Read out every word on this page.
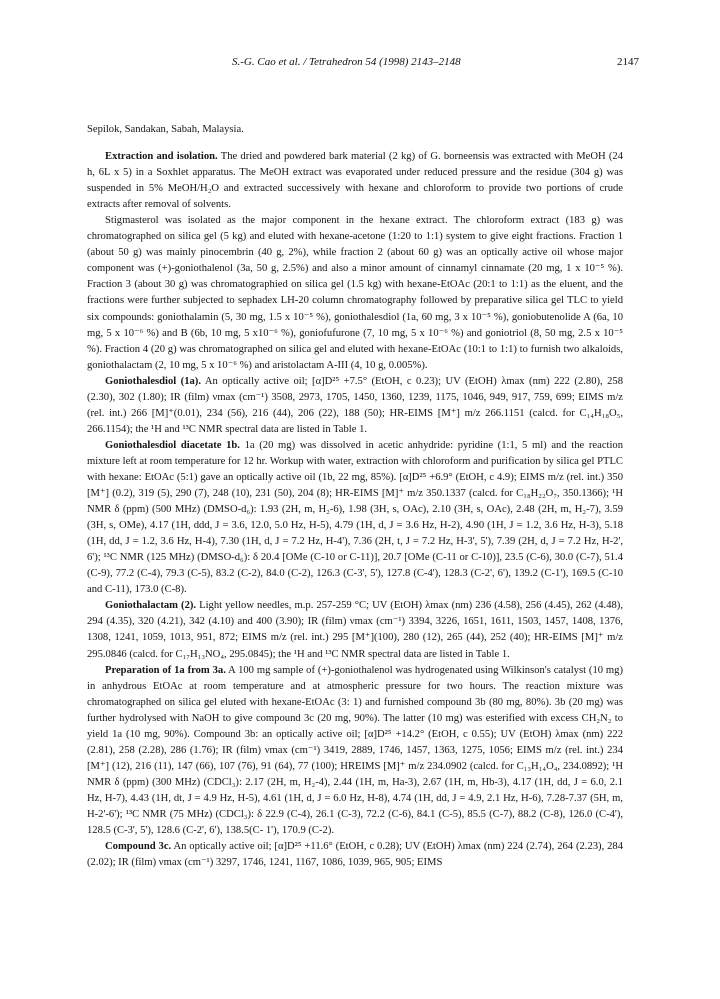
S.-G. Cao et al. / Tetrahedron 54 (1998) 2143–2148	2147

Sepilok, Sandakan, Sabah, Malaysia.

Extraction and isolation. The dried and powdered bark material (2 kg) of G. borneensis was extracted with MeOH (24 h, 6L x 5) in a Soxhlet apparatus. The MeOH extract was evaporated under reduced pressure and the residue (304 g) was suspended in 5% MeOH/H₂O and extracted successively with hexane and chloroform to provide two portions of crude extracts after removal of solvents.

Stigmasterol was isolated as the major component in the hexane extract. The chloroform extract (183 g) was chromatographed on silica gel (5 kg) and eluted with hexane-acetone (1:20 to 1:1) system to give eight fractions. Fraction 1 (about 50 g) was mainly pinocembrin (40 g, 2%), while fraction 2 (about 60 g) was an optically active oil whose major component was (+)-goniothalenol (3a, 50 g, 2.5%) and also a minor amount of cinnamyl cinnamate (20 mg, 1 x 10⁻⁵ %). Fraction 3 (about 30 g) was chromatographied on silica gel (1.5 kg) with hexane-EtOAc (20:1 to 1:1) as the eluent, and the fractions were further subjected to sephadex LH-20 column chromatography followed by preparative silica gel TLC to yield six compounds: goniothalamin (5, 30 mg, 1.5 x 10⁻⁵ %), goniothalesdiol (1a, 60 mg, 3 x 10⁻⁵ %), goniobutenolide A (6a, 10 mg, 5 x 10⁻⁶ %) and B (6b, 10 mg, 5 x10⁻⁶ %), goniofufurone (7, 10 mg, 5 x 10⁻⁶ %) and goniotriol (8, 50 mg, 2.5 x 10⁻⁵ %). Fraction 4 (20 g) was chromatographed on silica gel and eluted with hexane-EtOAc (10:1 to 1:1) to furnish two alkaloids, goniothalactam (2, 10 mg, 5 x 10⁻⁶ %) and aristolactam A-III (4, 10 g, 0.005%).

Goniothalesdiol (1a). An optically active oil; [α]D²⁵ +7.5° (EtOH, c 0.23); UV (EtOH) λmax (nm) 222 (2.80), 258 (2.30), 302 (1.80); IR (film) νmax (cm⁻¹) 3508, 2973, 1705, 1450, 1360, 1239, 1175, 1046, 949, 917, 759, 699; EIMS m/z (rel. int.) 266 [M]⁺(0.01), 234 (56), 216 (44), 206 (22), 188 (50); HR-EIMS [M⁺] m/z 266.1151 (calcd. for C₁₄H₁₈O₅, 266.1154); the ¹H and ¹³C NMR spectral data are listed in Table 1.

Goniothalesdiol diacetate 1b. 1a (20 mg) was dissolved in acetic anhydride: pyridine (1:1, 5 ml) and the reaction mixture left at room temperature for 12 hr. Workup with water, extraction with chloroform and purification by silica gel PTLC with hexane: EtOAc (5:1) gave an optically active oil (1b, 22 mg, 85%). [α]D²⁵ +6.9° (EtOH, c 4.9); EIMS m/z (rel. int.) 350 [M⁺] (0.2), 319 (5), 290 (7), 248 (10), 231 (50), 204 (8); HR-EIMS [M]⁺ m/z 350.1337 (calcd. for C₁₈H₂₂O₇, 350.1366); ¹H NMR δ (ppm) (500 MHz) (DMSO-d₆): 1.93 (2H, m, H₂-6), 1.98 (3H, s, OAc), 2.10 (3H, s, OAc), 2.48 (2H, m, H₂-7), 3.59 (3H, s, OMe), 4.17 (1H, ddd, J = 3.6, 12.0, 5.0 Hz, H-5), 4.79 (1H, d, J = 3.6 Hz, H-2), 4.90 (1H, J = 1.2, 3.6 Hz, H-3), 5.18 (1H, dd, J = 1.2, 3.6 Hz, H-4), 7.30 (1H, d, J = 7.2 Hz, H-4'), 7.36 (2H, t, J = 7.2 Hz, H-3', 5'), 7.39 (2H, d, J = 7.2 Hz, H-2', 6'); ¹³C NMR (125 MHz) (DMSO-d₆): δ 20.4 [OMe (C-10 or C-11)], 20.7 [OMe (C-11 or C-10)], 23.5 (C-6), 30.0 (C-7), 51.4 (C-9), 77.2 (C-4), 79.3 (C-5), 83.2 (C-2), 84.0 (C-2), 126.3 (C-3', 5'), 127.8 (C-4'), 128.3 (C-2', 6'), 139.2 (C-1'), 169.5 (C-10 and C-11), 173.0 (C-8).

Goniothalactam (2). Light yellow needles, m.p. 257-259 °C; UV (EtOH) λmax (nm) 236 (4.58), 256 (4.45), 262 (4.48), 294 (4.35), 320 (4.21), 342 (4.10) and 400 (3.90); IR (film) νmax (cm⁻¹) 3394, 3226, 1651, 1611, 1503, 1457, 1408, 1376, 1308, 1241, 1059, 1013, 951, 872; EIMS m/z (rel. int.) 295 [M⁺](100), 280 (12), 265 (44), 252 (40); HR-EIMS [M]⁺ m/z 295.0846 (calcd. for C₁₇H₁₃NO₄, 295.0845); the ¹H and ¹³C NMR spectral data are listed in Table 1.

Preparation of 1a from 3a. A 100 mg sample of (+)-goniothalenol was hydrogenated using Wilkinson's catalyst (10 mg) in anhydrous EtOAc at room temperature and at atmospheric pressure for two hours. The reaction mixture was chromatographed on silica gel eluted with hexane-EtOAc (3: 1) and furnished compound 3b (80 mg, 80%). 3b (20 mg) was further hydrolysed with NaOH to give compound 3c (20 mg, 90%). The latter (10 mg) was esterified with excess CH₂N₂ to yield 1a (10 mg, 90%). Compound 3b: an optically active oil; [α]D²⁵ +14.2° (EtOH, c 0.55); UV (EtOH) λmax (nm) 222 (2.81), 258 (2.28), 286 (1.76); IR (film) νmax (cm⁻¹) 3419, 2889, 1746, 1457, 1363, 1275, 1056; EIMS m/z (rel. int.) 234 [M⁺] (12), 216 (11), 147 (66), 107 (76), 91 (64), 77 (100); HREIMS [M]⁺ m/z 234.0902 (calcd. for C₁₃H₁₄O₄, 234.0892); ¹H NMR δ (ppm) (300 MHz) (CDCl₃): 2.17 (2H, m, H₂-4), 2.44 (1H, m, Ha-3), 2.67 (1H, m, Hb-3), 4.17 (1H, dd, J = 6.0, 2.1 Hz, H-7), 4.43 (1H, dt, J = 4.9 Hz, H-5), 4.61 (1H, d, J = 6.0 Hz, H-8), 4.74 (1H, dd, J = 4.9, 2.1 Hz, H-6), 7.28-7.37 (5H, m, H-2'-6'); ¹³C NMR (75 MHz) (CDCl₃): δ 22.9 (C-4), 26.1 (C-3), 72.2 (C-6), 84.1 (C-5), 85.5 (C-7), 88.2 (C-8), 126.0 (C-4'), 128.5 (C-3', 5'), 128.6 (C-2', 6'), 138.5(C- 1'), 170.9 (C-2).

Compound 3c. An optically active oil; [α]D²⁵ +11.6° (EtOH, c 0.28); UV (EtOH) λmax (nm) 224 (2.74), 264 (2.23), 284 (2.02); IR (film) νmax (cm⁻¹) 3297, 1746, 1241, 1167, 1086, 1039, 965, 905; EIMS
